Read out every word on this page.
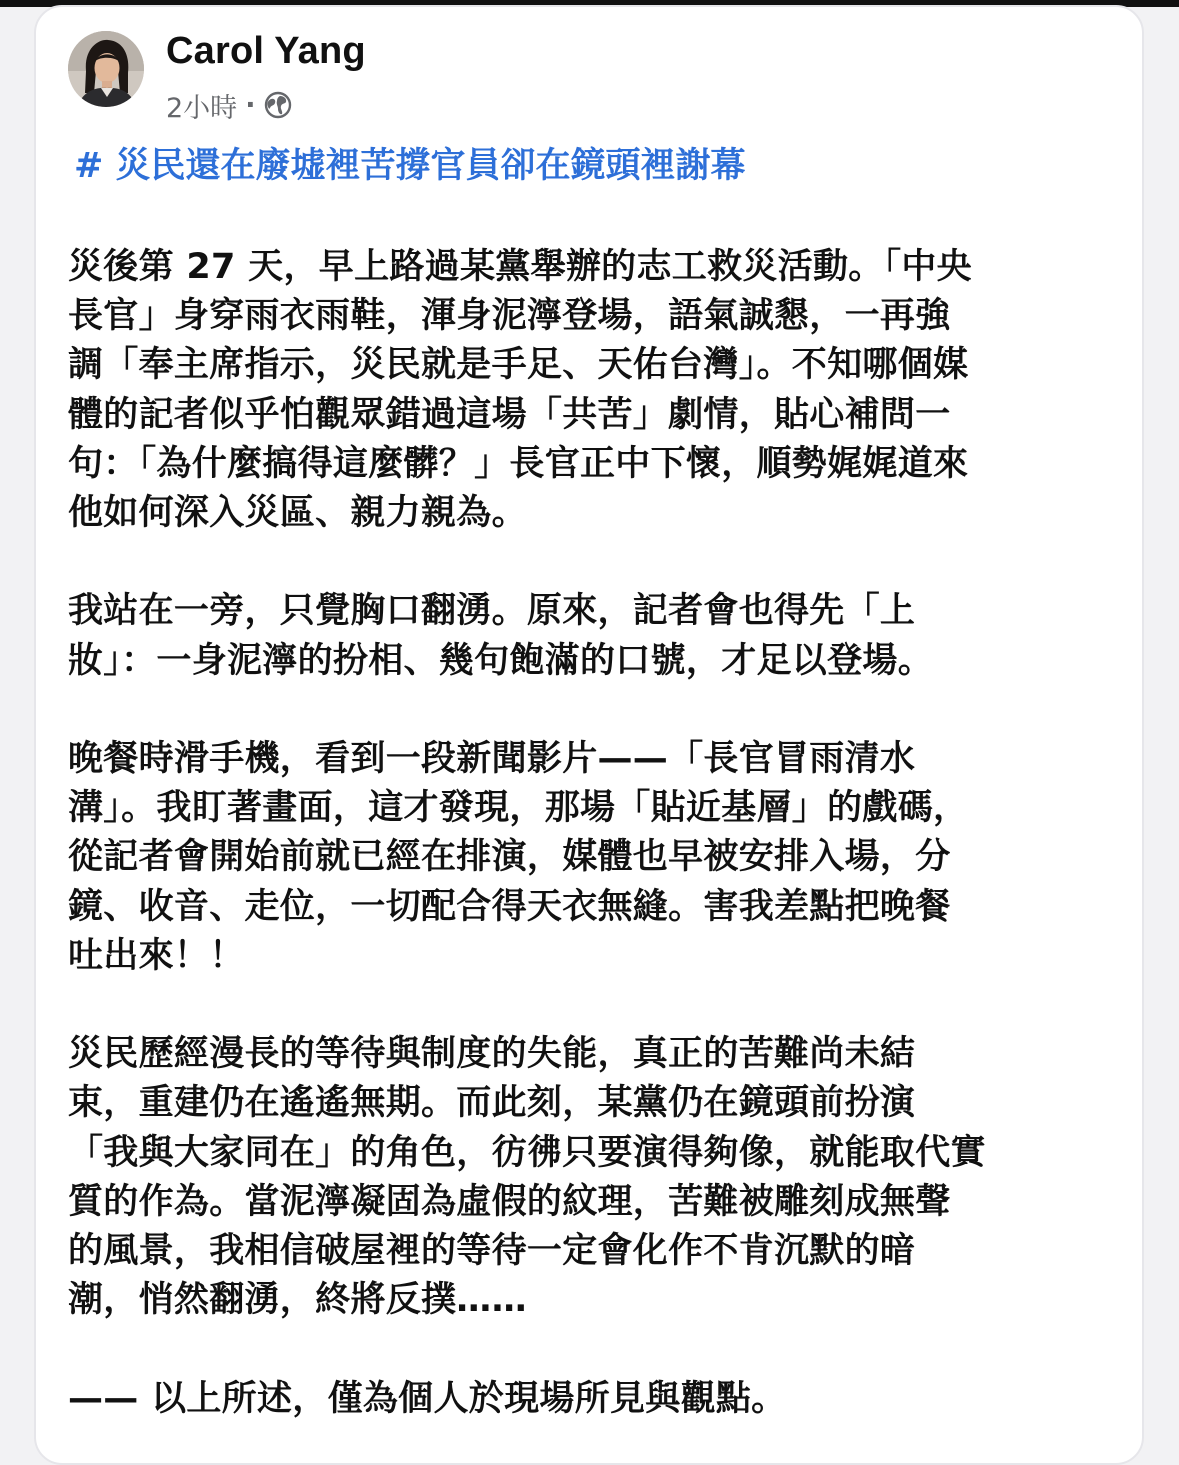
Carol Yang
2小時 ·
# 災民還在廢墟裡苦撐官員卻在鏡頭裡謝幕

災後第 27 天，早上路過某黨舉辦的志工救災活動。「中央
長官」身穿雨衣雨鞋，渾身泥濘登場，語氣誠懇，一再強
調「奉主席指示，災民就是手足、天佑台灣」。不知哪個媒
體的記者似乎怕觀眾錯過這場「共苦」劇情，貼心補問一
句：「為什麼搞得這麼髒？」長官正中下懷，順勢娓娓道來
他如何深入災區、親力親為。

我站在一旁，只覺胸口翻湧。原來，記者會也得先「上
妝」：一身泥濘的扮相、幾句飽滿的口號，才足以登場。

晚餐時滑手機，看到一段新聞影片——「長官冒雨清水
溝」。我盯著畫面，這才發現，那場「貼近基層」的戲碼，
從記者會開始前就已經在排演，媒體也早被安排入場，分
鏡、收音、走位，一切配合得天衣無縫。害我差點把晚餐
吐出來！！

災民歷經漫長的等待與制度的失能，真正的苦難尚未結
束，重建仍在遙遙無期。而此刻，某黨仍在鏡頭前扮演
「我與大家同在」的角色，彷彿只要演得夠像，就能取代實
質的作為。當泥濘凝固為虛假的紋理，苦難被雕刻成無聲
的風景，我相信破屋裡的等待一定會化作不肯沉默的暗
潮，悄然翻湧，終將反撲……

—— 以上所述，僅為個人於現場所見與觀點。
